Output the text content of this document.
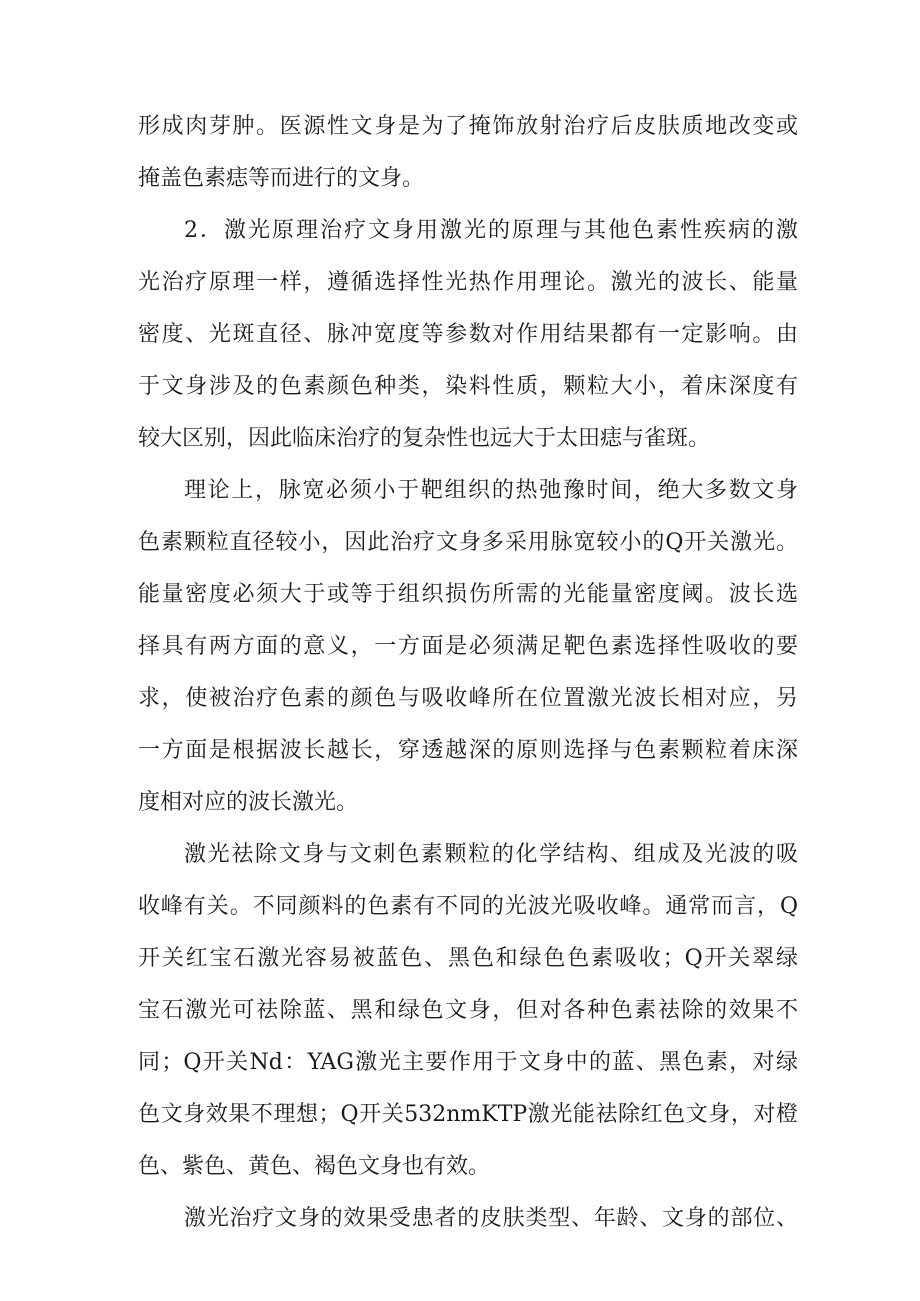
形成肉芽肿。医源性文身是为了掩饰放射治疗后皮肤质地改变或

掩盖色素痣等而进行的文身。

2．激光原理治疗文身用激光的原理与其他色素性疾病的激

光治疗原理一样，遵循选择性光热作用理论。激光的波长、能量

密度、光斑直径、脉冲宽度等参数对作用结果都有一定影响。由

于文身涉及的色素颜色种类，染料性质，颗粒大小，着床深度有

较大区别，因此临床治疗的复杂性也远大于太田痣与雀斑。

理论上，脉宽必须小于靶组织的热弛豫时间，绝大多数文身

色素颗粒直径较小，因此治疗文身多采用脉宽较小的Q开关激光。

能量密度必须大于或等于组织损伤所需的光能量密度阈。波长选

择具有两方面的意义，一方面是必须满足靶色素选择性吸收的要

求，使被治疗色素的颜色与吸收峰所在位置激光波长相对应，另

一方面是根据波长越长，穿透越深的原则选择与色素颗粒着床深

度相对应的波长激光。

激光祛除文身与文刺色素颗粒的化学结构、组成及光波的吸

收峰有关。不同颜料的色素有不同的光波光吸收峰。通常而言，Q

开关红宝石激光容易被蓝色、黑色和绿色色素吸收；Q开关翠绿

宝石激光可祛除蓝、黑和绿色文身，但对各种色素祛除的效果不

同；Q开关Nd：YAG激光主要作用于文身中的蓝、黑色素，对绿

色文身效果不理想；Q开关532nmKTP激光能祛除红色文身，对橙

色、紫色、黄色、褐色文身也有效。

激光治疗文身的效果受患者的皮肤类型、年龄、文身的部位、
